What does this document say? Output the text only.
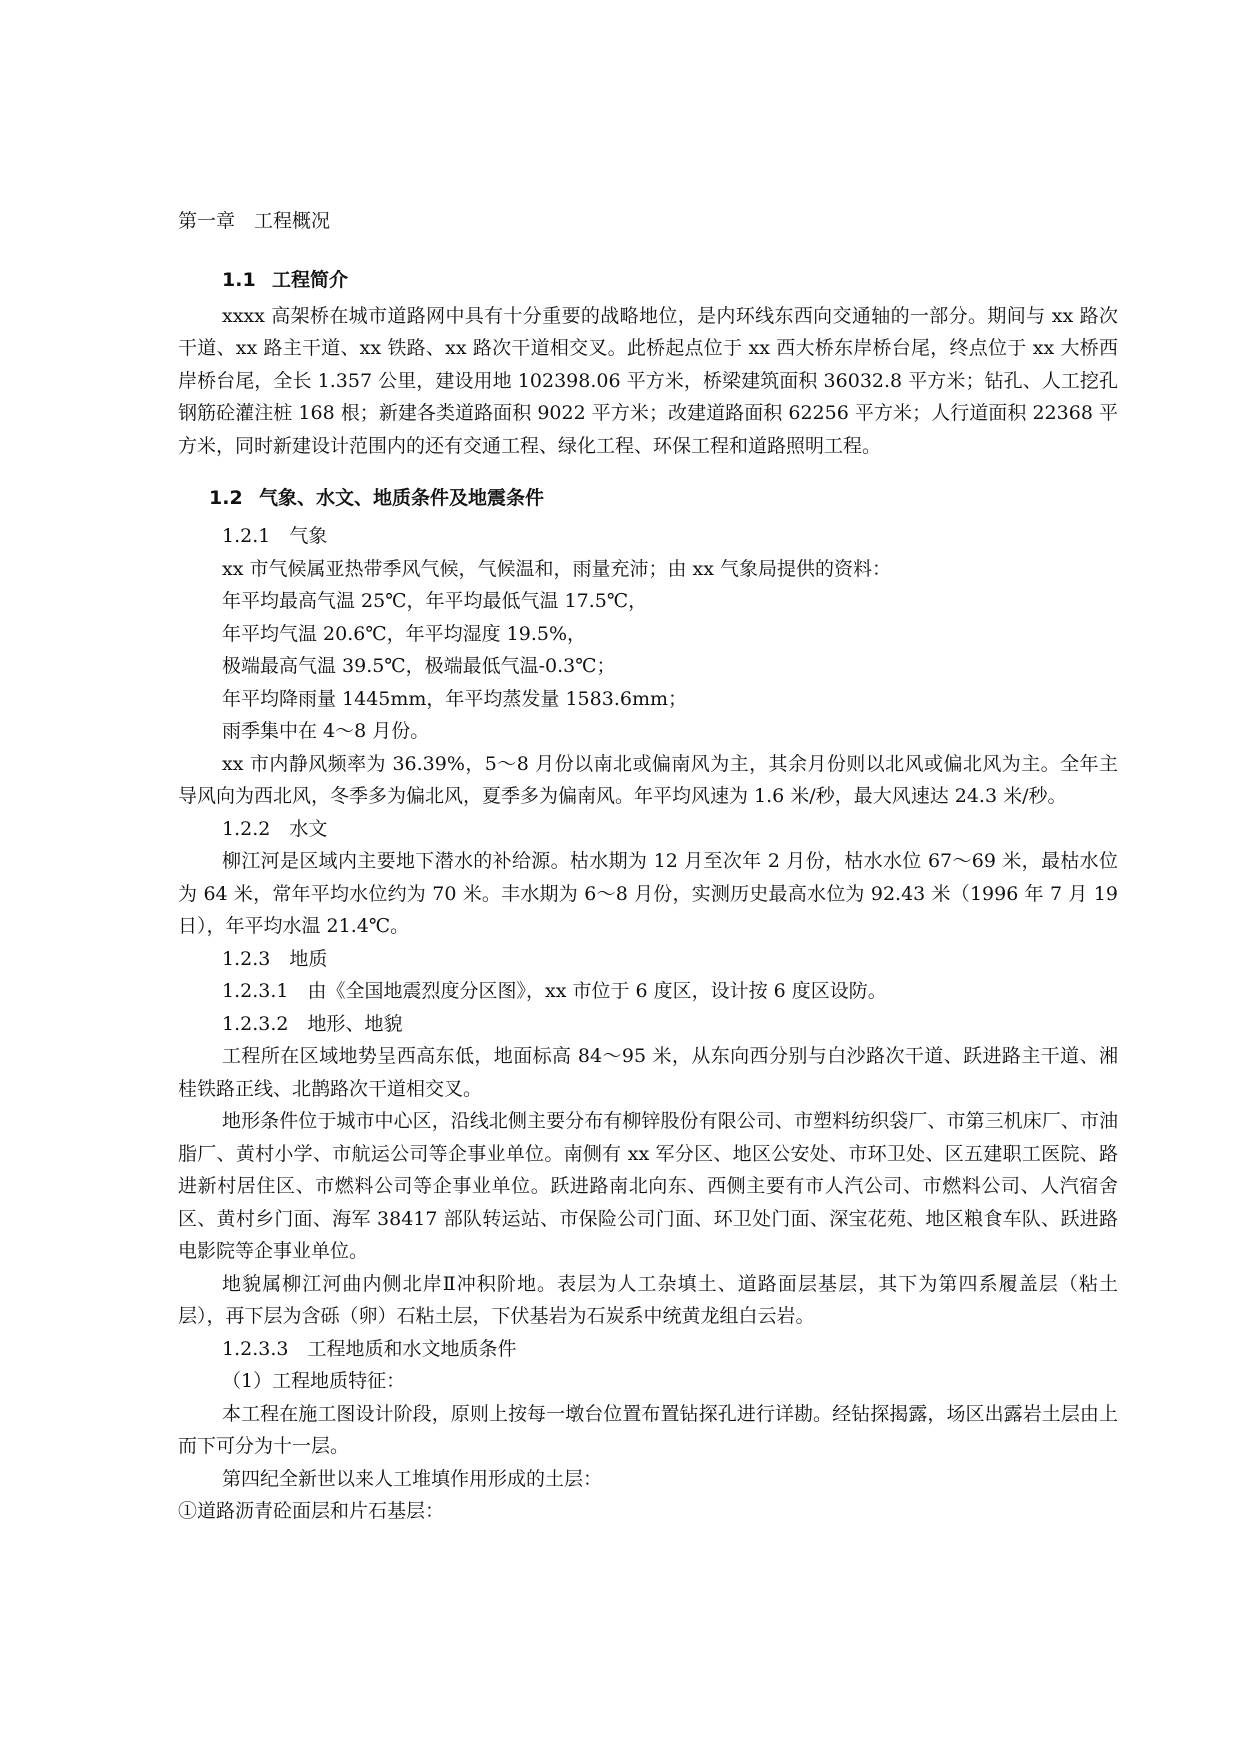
第一章　工程概况

1.1 工程简介

xxxx 高架桥在城市道路网中具有十分重要的战略地位，是内环线东西向交通轴的一部分。期间与 xx 路次干道、xx 路主干道、xx 铁路、xx 路次干道相交叉。此桥起点位于 xx 西大桥东岸桥台尾，终点位于 xx 大桥西岸桥台尾，全长 1.357 公里，建设用地 102398.06 平方米，桥梁建筑面积 36032.8 平方米；钻孔、人工挖孔钢筋砼灌注桩 168 根；新建各类道路面积 9022 平方米；改建道路面积 62256 平方米；人行道面积 22368 平方米，同时新建设计范围内的还有交通工程、绿化工程、环保工程和道路照明工程。

1.2 气象、水文、地质条件及地震条件

1.2.1　气象

xx 市气候属亚热带季风气候，气候温和，雨量充沛；由 xx 气象局提供的资料：

年平均最高气温 25℃，年平均最低气温 17.5℃，

年平均气温 20.6℃，年平均湿度 19.5%，

极端最高气温 39.5℃，极端最低气温-0.3℃；

年平均降雨量 1445mm，年平均蒸发量 1583.6mm；

雨季集中在 4～8 月份。

xx 市内静风频率为 36.39%，5～8 月份以南北或偏南风为主，其余月份则以北风或偏北风为主。全年主导风向为西北风，冬季多为偏北风，夏季多为偏南风。年平均风速为 1.6 米/秒，最大风速达 24.3 米/秒。

1.2.2　水文

柳江河是区域内主要地下潜水的补给源。枯水期为 12 月至次年 2 月份，枯水水位 67～69 米，最枯水位为 64 米，常年平均水位约为 70 米。丰水期为 6～8 月份，实测历史最高水位为 92.43 米（1996 年 7 月 19 日），年平均水温 21.4℃。

1.2.3　地质

1.2.3.1　由《全国地震烈度分区图》，xx 市位于 6 度区，设计按 6 度区设防。

1.2.3.2　地形、地貌

工程所在区域地势呈西高东低，地面标高 84～95 米，从东向西分别与白沙路次干道、跃进路主干道、湘桂铁路正线、北鹊路次干道相交叉。

地形条件位于城市中心区，沿线北侧主要分布有柳锌股份有限公司、市塑料纺织袋厂、市第三机床厂、市油脂厂、黄村小学、市航运公司等企事业单位。南侧有 xx 军分区、地区公安处、市环卫处、区五建职工医院、路进新村居住区、市燃料公司等企事业单位。跃进路南北向东、西侧主要有市人汽公司、市燃料公司、人汽宿舍区、黄村乡门面、海军 38417 部队转运站、市保险公司门面、环卫处门面、深宝花苑、地区粮食车队、跃进路电影院等企事业单位。

地貌属柳江河曲内侧北岸Ⅱ冲积阶地。表层为人工杂填土、道路面层基层，其下为第四系履盖层（粘土层），再下层为含砾（卵）石粘土层，下伏基岩为石炭系中统黄龙组白云岩。

1.2.3.3　工程地质和水文地质条件

（1）工程地质特征：

本工程在施工图设计阶段，原则上按每一墩台位置布置钻探孔进行详勘。经钻探揭露，场区出露岩土层由上而下可分为十一层。

第四纪全新世以来人工堆填作用形成的土层：

①道路沥青砼面层和片石基层：
